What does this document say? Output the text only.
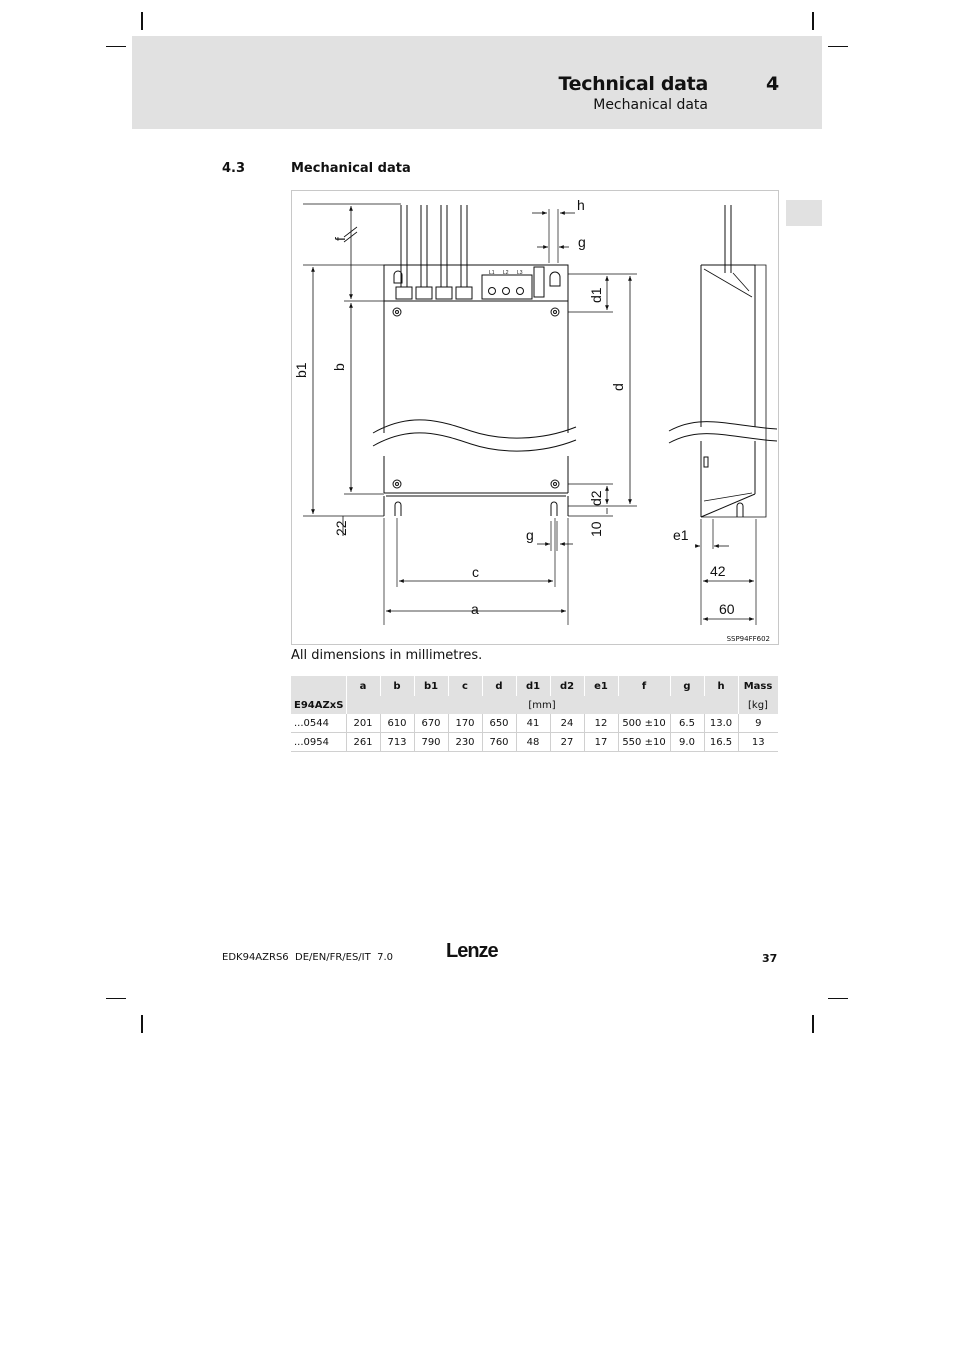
Technical data
Mechanical data
4
4.3	Mechanical data
h
g
f
d1
d
d2
b1 b
22	g	10
c
a
e1
42
60
L1 L2 L3
SSP94FF602
All dimensions in millimetres.
	a	b	b1	c	d	d1	d2	e1	f	g	h	Mass
E94AZxS	[mm]											[kg]
...0544	201	610	670	170	650	41	24	12	500 ±10	6.5	13.0	9
...0954	261	713	790	230	760	48	27	17	550 ±10	9.0	16.5	13
EDK94AZRS6  DE/EN/FR/ES/IT  7.0	Lenze	37
